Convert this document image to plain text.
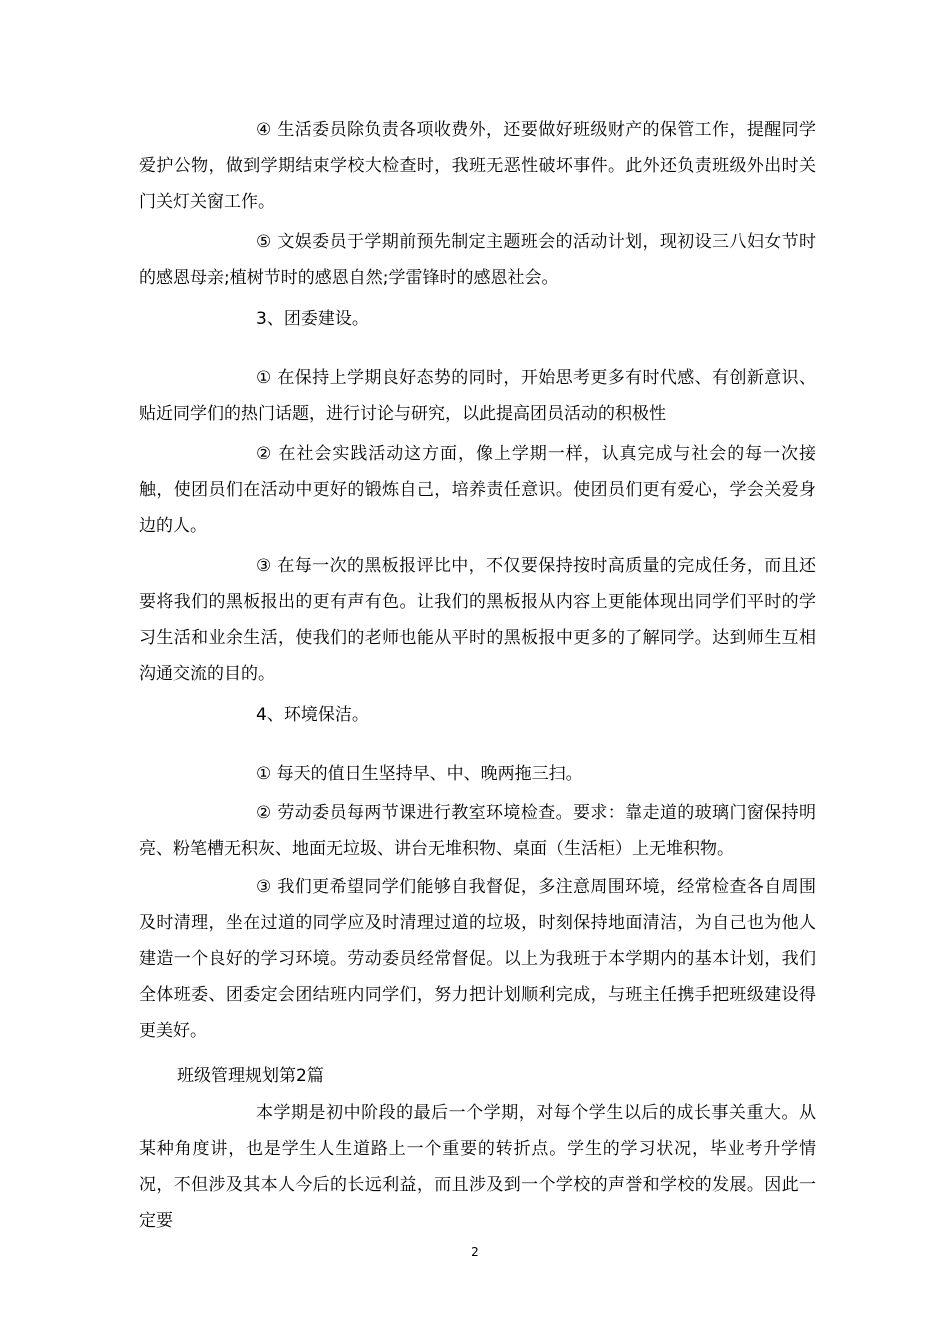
④ 生活委员除负责各项收费外，还要做好班级财产的保管工作，提醒同学爱护公物，做到学期结束学校大检查时，我班无恶性破坏事件。此外还负责班级外出时关门关灯关窗工作。

⑤ 文娱委员于学期前预先制定主题班会的活动计划，现初设三八妇女节时的感恩母亲;植树节时的感恩自然;学雷锋时的感恩社会。

3、团委建设。

① 在保持上学期良好态势的同时，开始思考更多有时代感、有创新意识、贴近同学们的热门话题，进行讨论与研究，以此提高团员活动的积极性

② 在社会实践活动这方面，像上学期一样，认真完成与社会的每一次接触，使团员们在活动中更好的锻炼自己，培养责任意识。使团员们更有爱心，学会关爱身边的人。

③ 在每一次的黑板报评比中，不仅要保持按时高质量的完成任务，而且还要将我们的黑板报出的更有声有色。让我们的黑板报从内容上更能体现出同学们平时的学习生活和业余生活，使我们的老师也能从平时的黑板报中更多的了解同学。达到师生互相沟通交流的目的。

4、环境保洁。

① 每天的值日生坚持早、中、晚两拖三扫。

② 劳动委员每两节课进行教室环境检查。要求：靠走道的玻璃门窗保持明亮、粉笔槽无积灰、地面无垃圾、讲台无堆积物、桌面（生活柜）上无堆积物。

③ 我们更希望同学们能够自我督促，多注意周围环境，经常检查各自周围及时清理，坐在过道的同学应及时清理过道的垃圾，时刻保持地面清洁，为自己也为他人建造一个良好的学习环境。劳动委员经常督促。以上为我班于本学期内的基本计划，我们全体班委、团委定会团结班内同学们，努力把计划顺利完成，与班主任携手把班级建设得更美好。

班级管理规划第2篇

本学期是初中阶段的最后一个学期，对每个学生以后的成长事关重大。从某种角度讲，也是学生人生道路上一个重要的转折点。学生的学习状况，毕业考升学情况，不但涉及其本人今后的长远利益，而且涉及到一个学校的声誉和学校的发展。因此一定要

2
